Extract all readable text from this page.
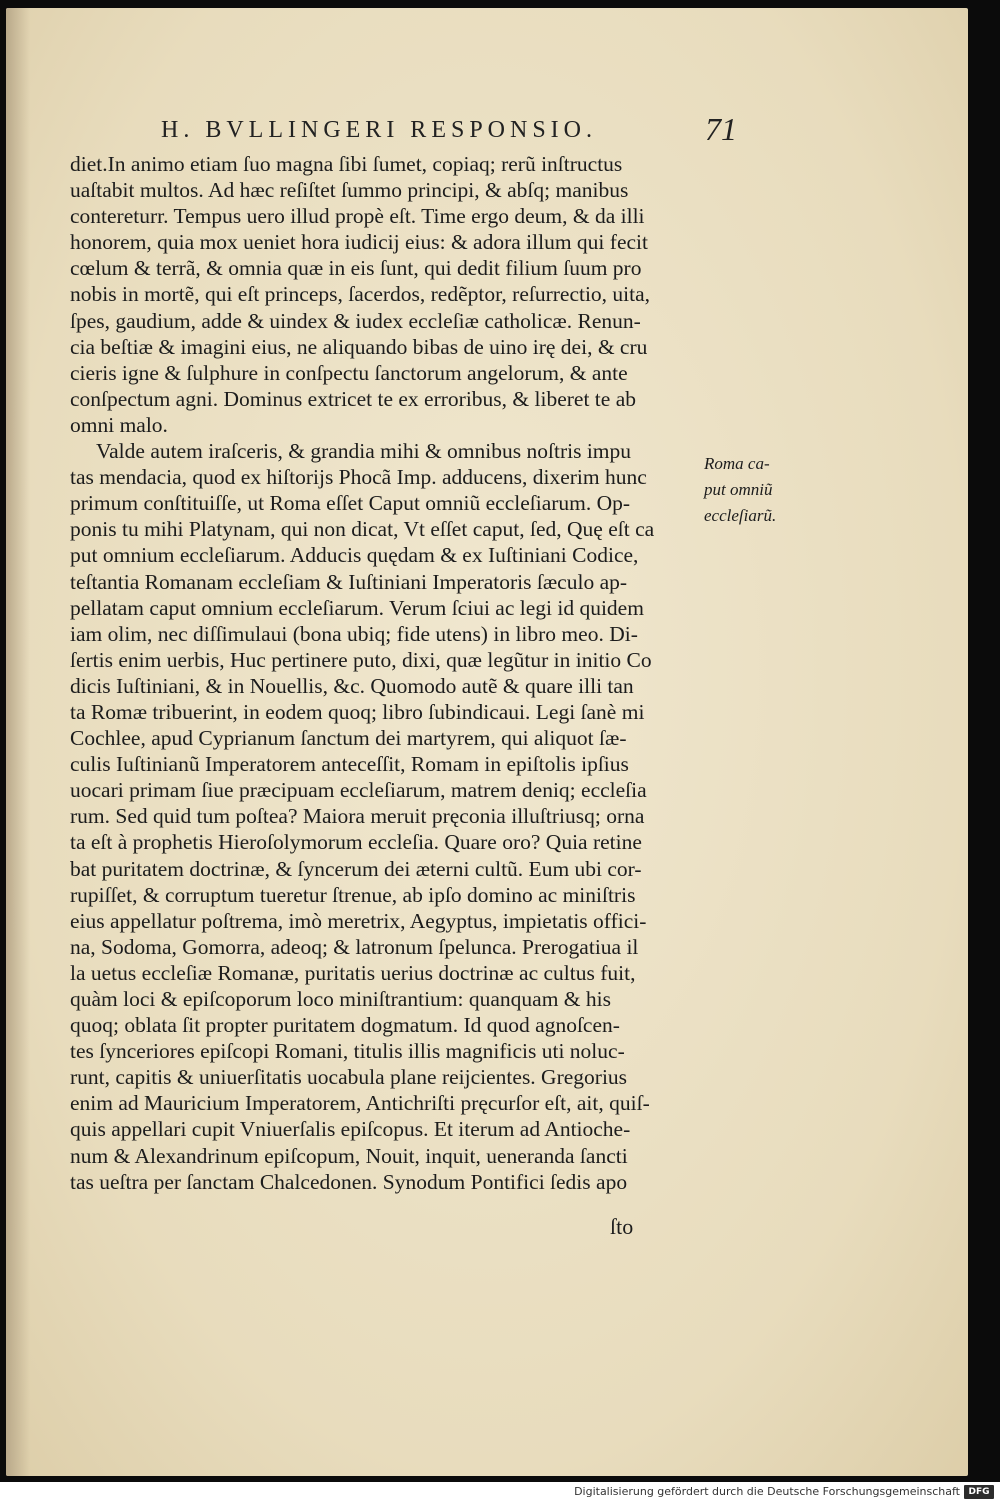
H. BVLLINGERI RESPONSIO.	71
diet.In animo etiam ſuo magna ſibi ſumet, copiaq; rerũ inſtructus
uaſtabit multos. Ad hæc reſiſtet ſummo principi, & abſq; manibus
contereturr. Tempus uero illud propè eſt. Time ergo deum, & da illi
honorem, quia mox ueniet hora iudicij eius: & adora illum qui fecit
cœlum & terrã, & omnia quæ in eis ſunt, qui dedit filium ſuum pro
nobis in mortẽ, qui eſt princeps, ſacerdos, redẽptor, reſurrectio, uita,
ſpes, gaudium, adde & uindex & iudex eccleſiæ catholicæ. Renun-
cia beſtiæ & imagini eius, ne aliquando bibas de uino irę dei, & cru
cieris igne & ſulphure in conſpectu ſanctorum angelorum, & ante
conſpectum agni. Dominus extricet te ex erroribus, & liberet te ab
omni malo.
Valde autem iraſceris, & grandia mihi & omnibus noſtris impu
tas mendacia, quod ex hiſtorijs Phocã Imp. adducens, dixerim hunc
primum conſtituiſſe, ut Roma eſſet Caput omniũ eccleſiarum. Op-
ponis tu mihi Platynam, qui non dicat, Vt eſſet caput, ſed, Quę eſt ca
put omnium eccleſiarum. Adducis quędam & ex Iuſtiniani Codice,
teſtantia Romanam eccleſiam & Iuſtiniani Imperatoris ſæculo ap-
pellatam caput omnium eccleſiarum. Verum ſciui ac legi id quidem
iam olim, nec diſſimulaui (bona ubiq; fide utens) in libro meo. Di-
ſertis enim uerbis, Huc pertinere puto, dixi, quæ legũtur in initio Co
dicis Iuſtiniani, & in Nouellis, &c. Quomodo autẽ & quare illi tan
ta Romæ tribuerint, in eodem quoq; libro ſubindicaui. Legi ſanè mi
Cochlee, apud Cyprianum ſanctum dei martyrem, qui aliquot ſæ-
culis Iuſtinianũ Imperatorem anteceſſit, Romam in epiſtolis ipſius
uocari primam ſiue præcipuam eccleſiarum, matrem deniq; eccleſia
rum. Sed quid tum poſtea? Maiora meruit pręconia illuſtriusq; orna
ta eſt à prophetis Hieroſolymorum eccleſia. Quare oro? Quia retine
bat puritatem doctrinæ, & ſyncerum dei æterni cultũ. Eum ubi cor-
rupiſſet, & corruptum tueretur ſtrenue, ab ipſo domino ac miniſtris
eius appellatur poſtrema, imò meretrix, Aegyptus, impietatis offici-
na, Sodoma, Gomorra, adeoq; & latronum ſpelunca. Prerogatiua il
la uetus eccleſiæ Romanæ, puritatis uerius doctrinæ ac cultus fuit,
quàm loci & epiſcoporum loco miniſtrantium: quanquam & his
quoq; oblata ſit propter puritatem dogmatum. Id quod agnoſcen-
tes ſynceriores epiſcopi Romani, titulis illis magnificis uti noluc-
runt, capitis & uniuerſitatis uocabula plane reijcientes. Gregorius
enim ad Mauricium Imperatorem, Antichriſti pręcurſor eſt, ait, quiſ-
quis appellari cupit Vniuerſalis epiſcopus. Et iterum ad Antioche-
num & Alexandrinum epiſcopum, Nouit, inquit, ueneranda ſancti
tas ueſtra per ſanctam Chalcedonen. Synodum Pontifici ſedis apo
Roma ca-
put omniũ
eccleſiarũ.
ſto
Digitalisierung gefördert durch die Deutsche Forschungsgemeinschaft DFG
